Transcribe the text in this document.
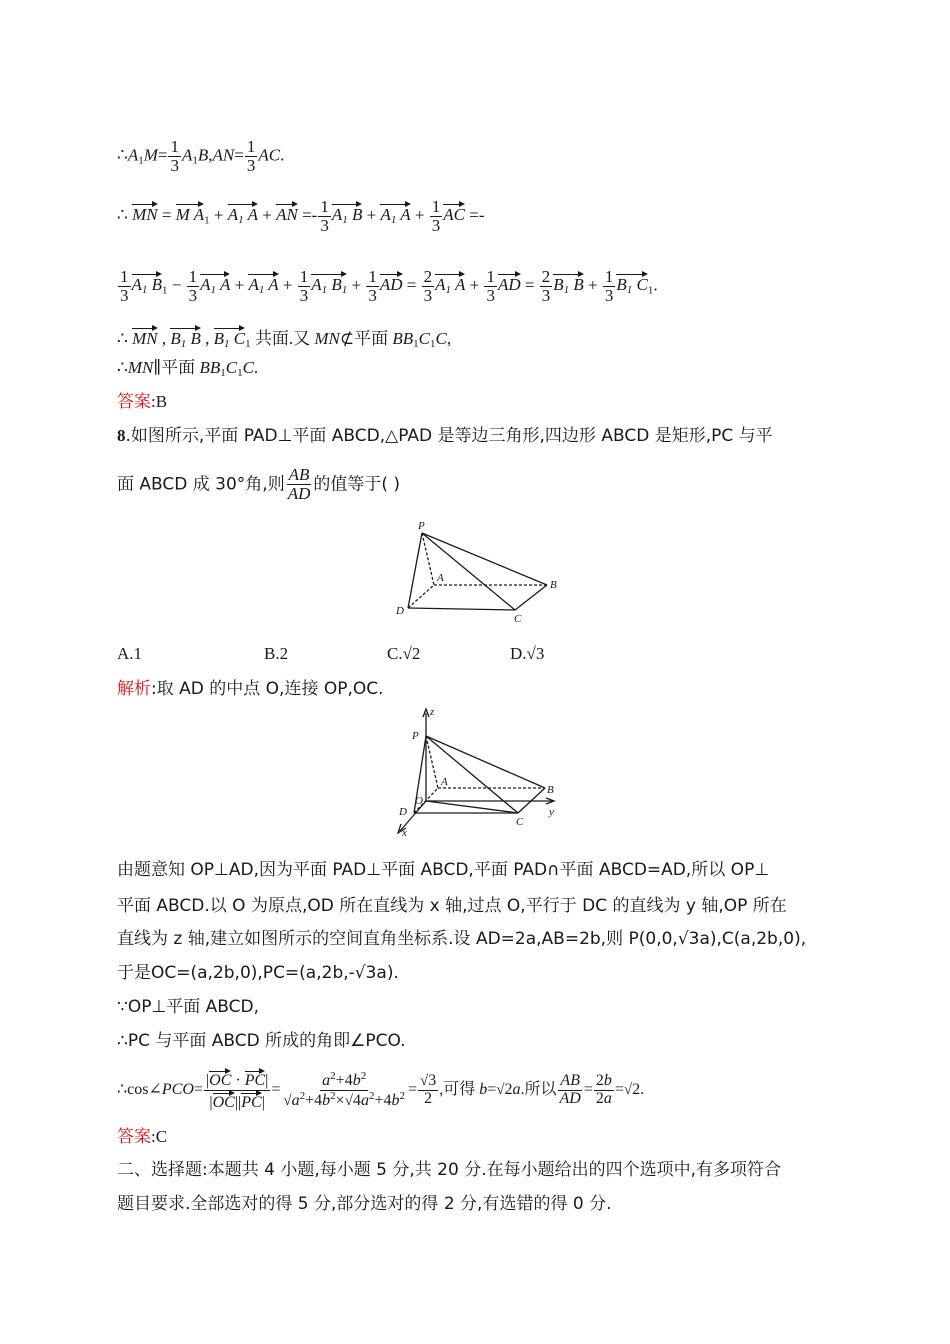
$\therefore A_1M= \frac{1}{3} A_1B,AN= \frac{1}{3}$ AC.
∴ MN = M $A_1 + A_1$ A + AN =- $\frac{1}{3} A_1$ $B + A_1$ $A + \frac{1}{3}$ AC =-
$\frac{1}{3} A_1$ $B_1 - \frac{1}{3} A_1$ $A + A_1$ $A + \frac{1}{3} A_1$ $B_1 + \frac{1}{3}$ AD = $\frac{2}{3} A_1$ $A + \frac{1}{3}$ AD = $\frac{2}{3} B_1$ $B + \frac{1}{3} B_1$ $C_1$.
∴ MN , $B_1$ B , $B_1$ $C_1$ 共面.又 MN⊄平面 $BB_1C_1C$,
∴MN∥平面 $BB_1C_1C$.
答案:B
8.如图所示,平面 PAD⊥平面 ABCD,△PAD 是等边三角形,四边形 ABCD 是矩形,PC 与平
面 ABCD 成 30°角,则 $\frac{AB}{AD}$ 的值等于( )
P
A
B
D
C
A.1	B.2	C.√2	D.√3
解析:取 AD 的中点 O,连接 OP,OC.
z
P
A
B
O
D
C
x
y
由题意知 OP⊥AD,因为平面 PAD⊥平面 ABCD,平面 PAD∩平面 ABCD=AD,所以 OP⊥
平面 ABCD.以 O 为原点,OD 所在直线为 x 轴,过点 O,平行于 DC 的直线为 y 轴,OP 所在
直线为 z 轴,建立如图所示的空间直角坐标系.设 AD=2a,AB=2b,则 P(0,0,√3a),C(a,2b,0),
于是OC=(a,2b,0),PC=(a,2b,-√3a).
∵OP⊥平面 ABCD,
∴PC 与平面 ABCD 所成的角即∠PCO.
∴cos∠PCO= $\frac{|OC \cdot PC|}{|OC||PC|} = \frac{a^2+4b^2}{√a^2+4b^2\times√4a^2+4b^2} = \frac{√3}{2}$ ,可得 b=√2a.所以 $\frac{AB}{AD} = \frac{2b}{2a} =√2$.
答案:C
二、选择题:本题共 4 小题,每小题 5 分,共 20 分.在每小题给出的四个选项中,有多项符合
题目要求.全部选对的得 5 分,部分选对的得 2 分,有选错的得 0 分.
